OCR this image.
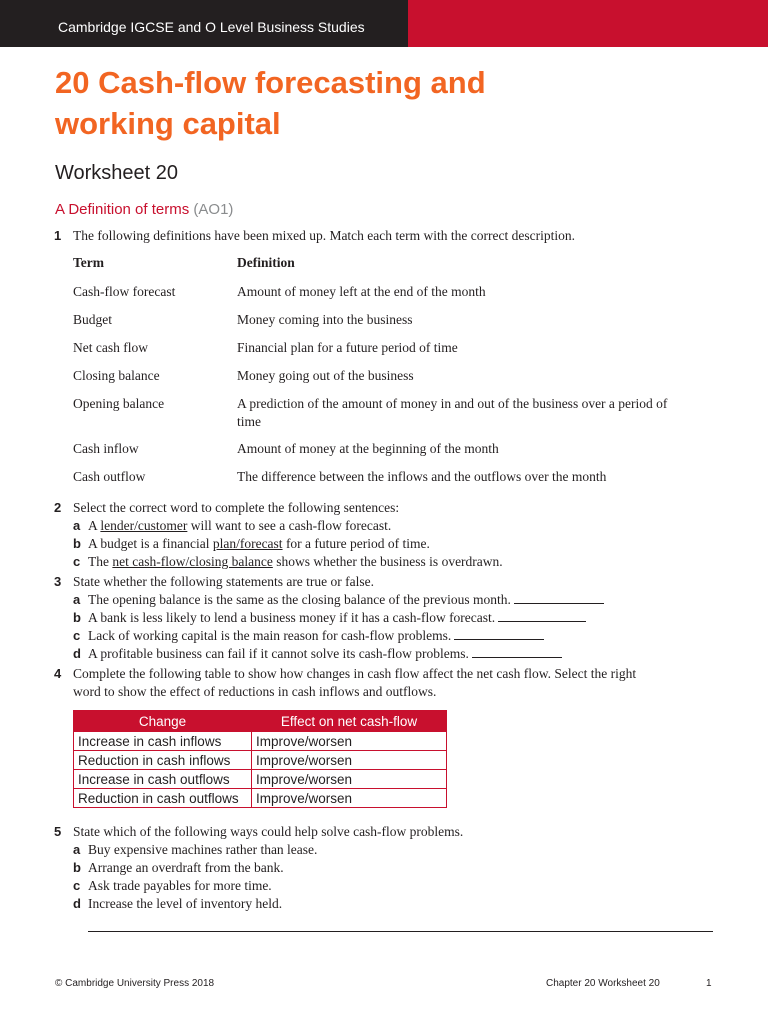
Cambridge IGCSE and O Level Business Studies
20 Cash-flow forecasting and
working capital
Worksheet 20
A Definition of terms (AO1)
1 The following definitions have been mixed up. Match each term with the correct description.
Term	Definition
Cash-flow forecast	Amount of money left at the end of the month
Budget	Money coming into the business
Net cash flow	Financial plan for a future period of time
Closing balance	Money going out of the business
Opening balance	A prediction of the amount of money in and out of the business over a period of time
Cash inflow	Amount of money at the beginning of the month
Cash outflow	The difference between the inflows and the outflows over the month
2 Select the correct word to complete the following sentences:
a A lender/customer will want to see a cash-flow forecast.
b A budget is a financial plan/forecast for a future period of time.
c The net cash-flow/closing balance shows whether the business is overdrawn.
3 State whether the following statements are true or false.
a The opening balance is the same as the closing balance of the previous month.
b A bank is less likely to lend a business money if it has a cash-flow forecast.
c Lack of working capital is the main reason for cash-flow problems.
d A profitable business can fail if it cannot solve its cash-flow problems.
4 Complete the following table to show how changes in cash flow affect the net cash flow. Select the right
word to show the effect of reductions in cash inflows and outflows.
Change	Effect on net cash-flow
Increase in cash inflows	Improve/worsen
Reduction in cash inflows	Improve/worsen
Increase in cash outflows	Improve/worsen
Reduction in cash outflows	Improve/worsen
5 State which of the following ways could help solve cash-flow problems.
a Buy expensive machines rather than lease.
b Arrange an overdraft from the bank.
c Ask trade payables for more time.
d Increase the level of inventory held.
© Cambridge University Press 2018	Chapter 20 Worksheet 20	1
